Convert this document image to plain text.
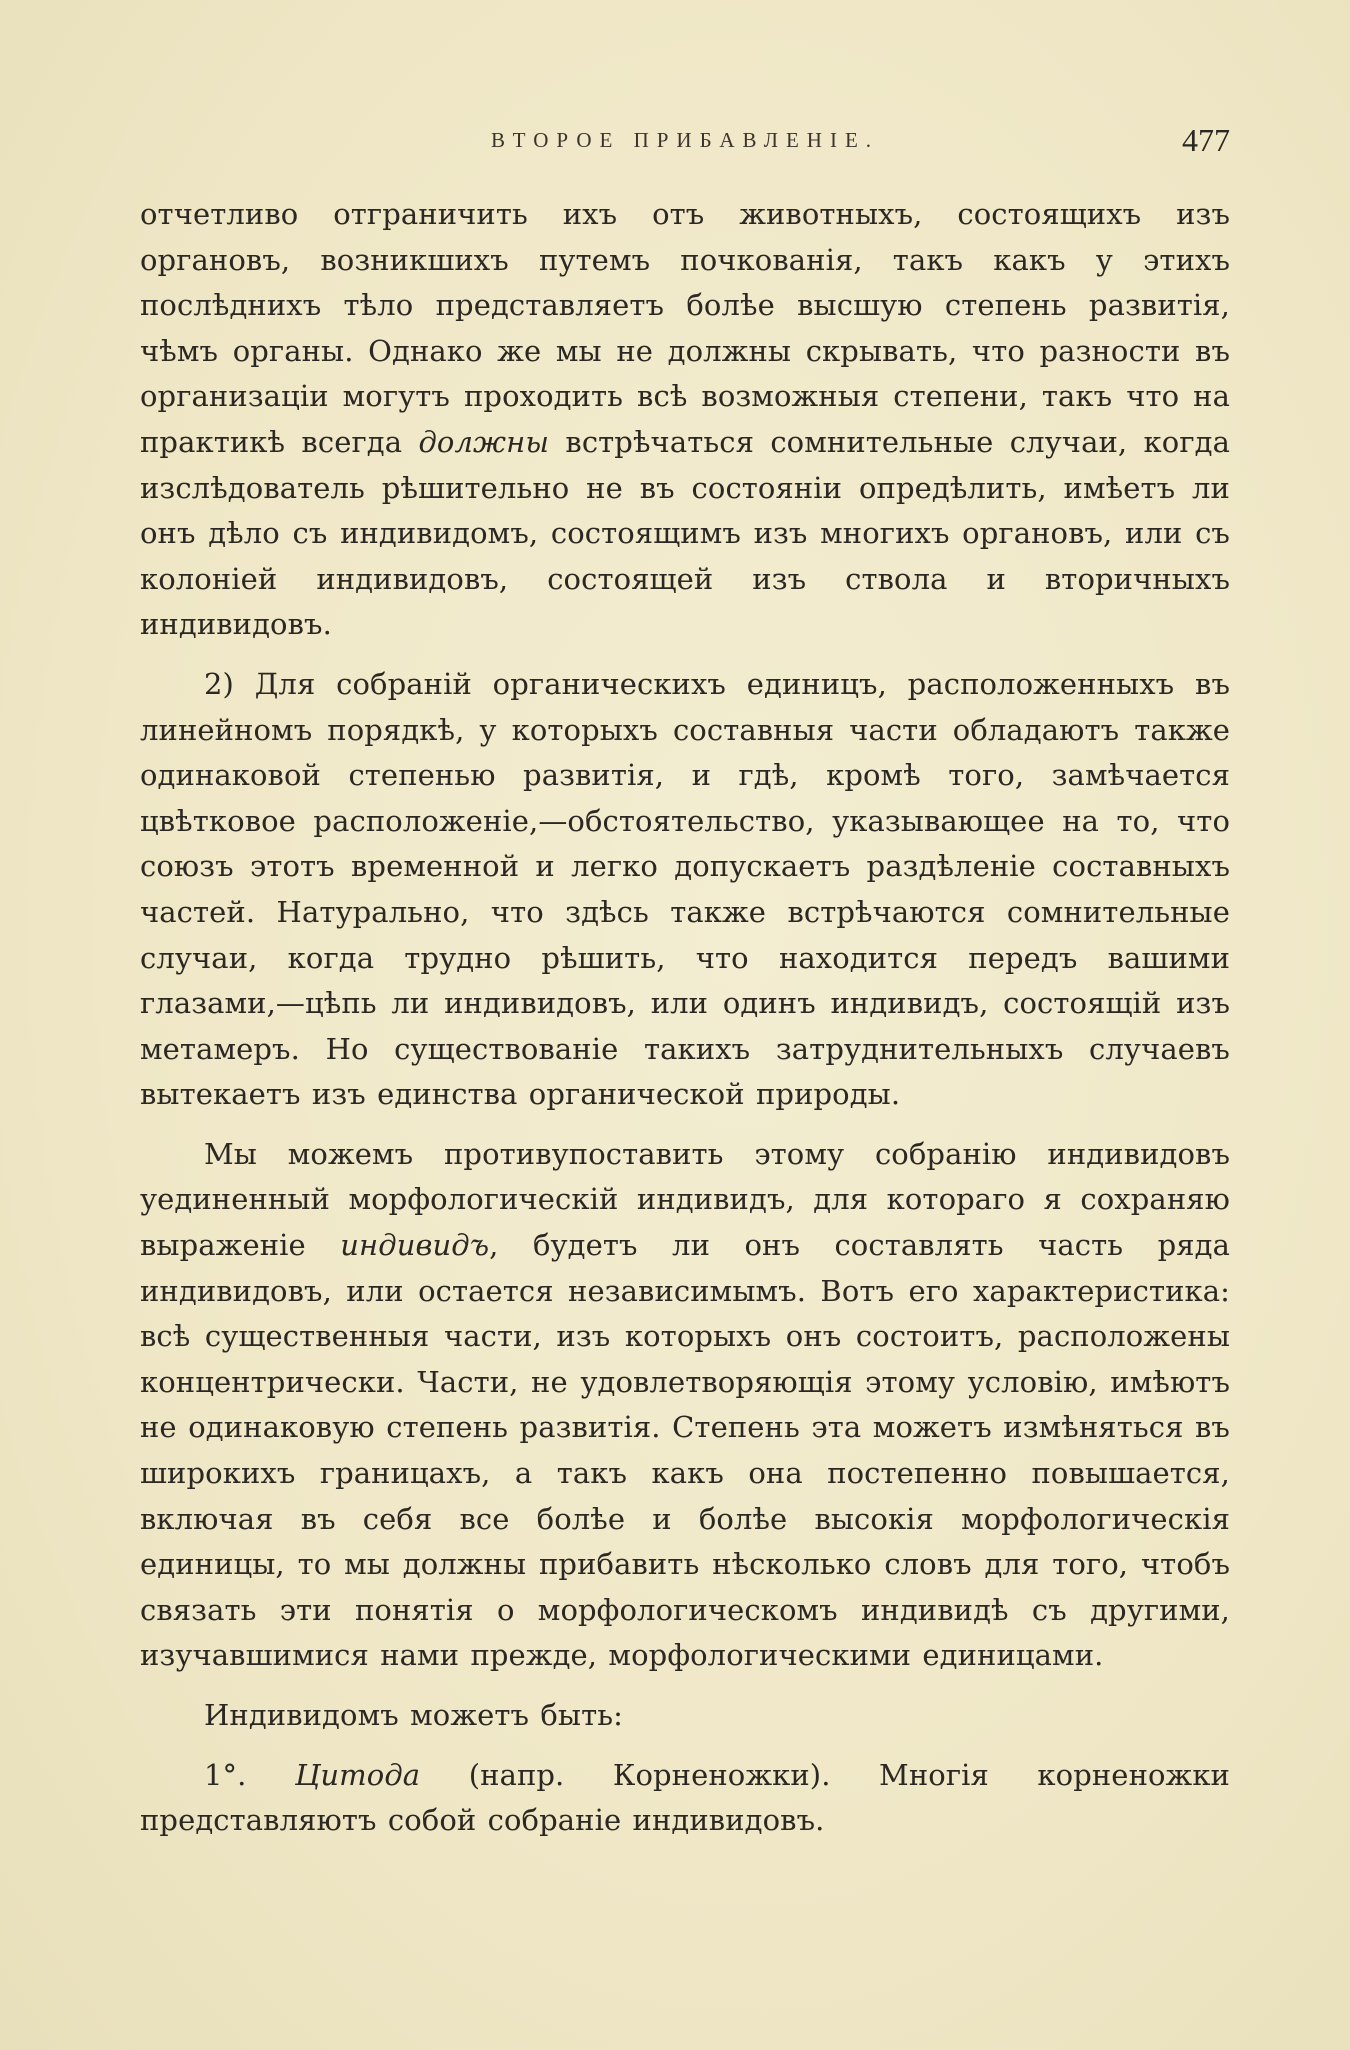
ВТОРОЕ ПРИБАВЛЕНІЕ.	477

отчетливо отграничить ихъ отъ животныхъ, состоящихъ изъ органовъ, возникшихъ путемъ почкованія, такъ какъ у этихъ послѣднихъ тѣло представляетъ болѣе высшую степень развитія, чѣмъ органы. Однако же мы не должны скрывать, что разности въ организаціи могутъ проходить всѣ возможныя степени, такъ что на практикѣ всегда должны встрѣчаться сомнительные случаи, когда изслѣдователь рѣшительно не въ состояніи опредѣлить, имѣетъ ли онъ дѣло съ индивидомъ, состоящимъ изъ многихъ органовъ, или съ колоніей индивидовъ, состоящей изъ ствола и вторичныхъ индивидовъ.

2) Для собраній органическихъ единицъ, расположенныхъ въ линейномъ порядкѣ, у которыхъ составныя части обладаютъ также одинаковой степенью развитія, и гдѣ, кромѣ того, замѣчается цвѣтковое расположеніе,—обстоятельство, указывающее на то, что союзъ этотъ временной и легко допускаетъ раздѣленіе составныхъ частей. Натурально, что здѣсь также встрѣчаются сомнительные случаи, когда трудно рѣшить, что находится передъ вашими глазами,—цѣпь ли индивидовъ, или одинъ индивидъ, состоящій изъ метамеръ. Но существованіе такихъ затруднительныхъ случаевъ вытекаетъ изъ единства органической природы.

Мы можемъ противупоставить этому собранію индивидовъ уединенный морфологическій индивидъ, для котораго я сохраняю выраженіе индивидъ, будетъ ли онъ составлять часть ряда индивидовъ, или остается независимымъ. Вотъ его характеристика: всѣ существенныя части, изъ которыхъ онъ состоитъ, расположены концентрически. Части, не удовлетворяющія этому условію, имѣютъ не одинаковую степень развитія. Степень эта можетъ измѣняться въ широкихъ границахъ, а такъ какъ она постепенно повышается, включая въ себя все болѣе и болѣе высокія морфологическія единицы, то мы должны прибавить нѣсколько словъ для того, чтобъ связать эти понятія о морфологическомъ индивидѣ съ другими, изучавшимися нами прежде, морфологическими единицами.

Индивидомъ можетъ быть:

1°. Цитода (напр. Корненожки). Многія корненожки представляютъ собой собраніе индивидовъ.
